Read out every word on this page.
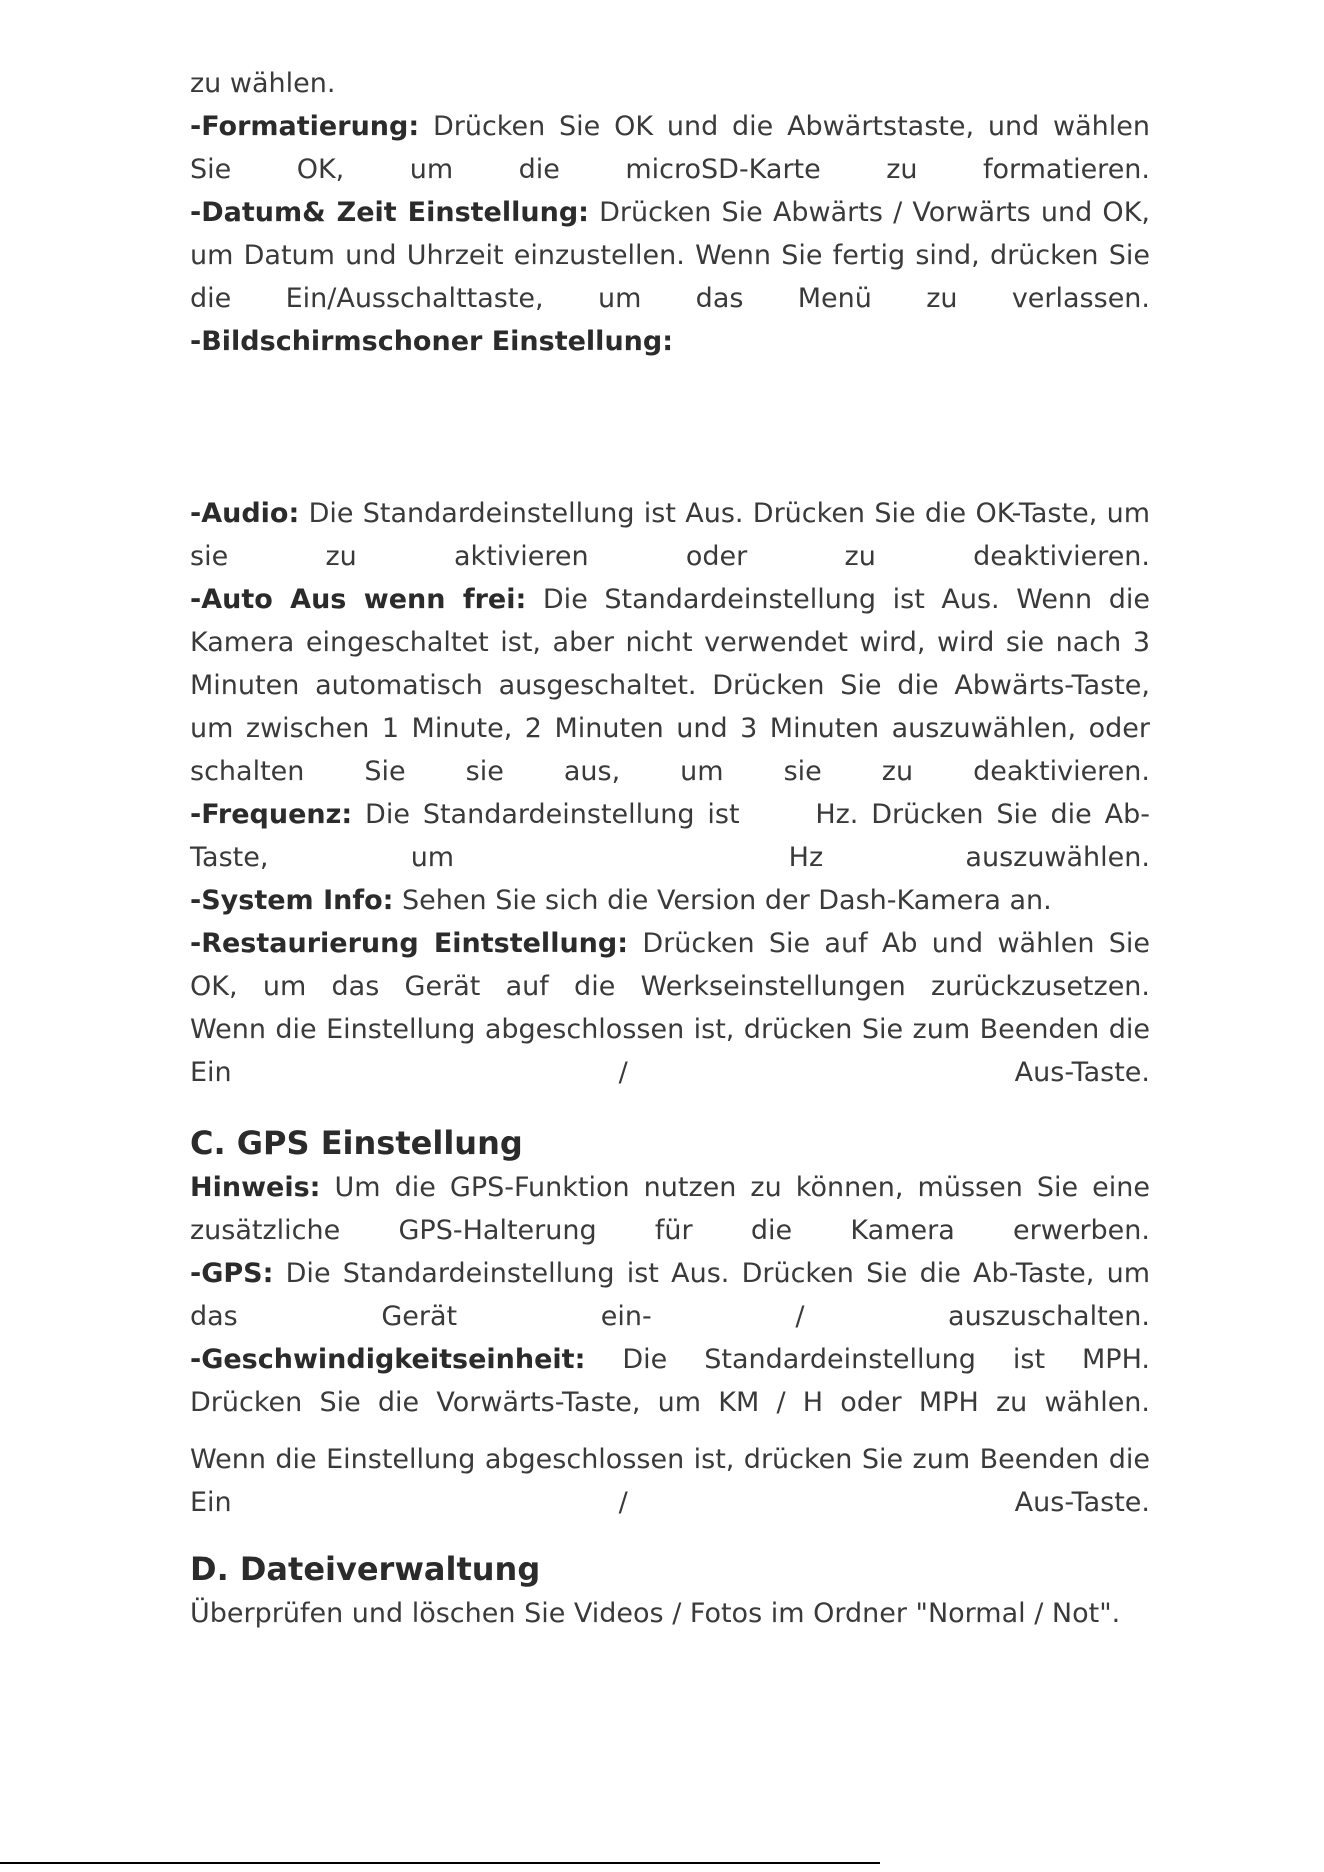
zu wählen.

-Formatierung: Drücken Sie OK und die Abwärtstaste, und wählen Sie OK, um die microSD-Karte zu formatieren.

-Datum& Zeit Einstellung: Drücken Sie Abwärts / Vorwärts und OK, um Datum und Uhrzeit einzustellen. Wenn Sie fertig sind, drücken Sie die Ein/Ausschalttaste, um das Menü zu verlassen.

-Bildschirmschoner Einstellung:

-Audio: Die Standardeinstellung ist Aus. Drücken Sie die OK-Taste, um sie zu aktivieren oder zu deaktivieren.

-Auto Aus wenn frei: Die Standardeinstellung ist Aus. Wenn die Kamera eingeschaltet ist, aber nicht verwendet wird, wird sie nach 3 Minuten automatisch ausgeschaltet. Drücken Sie die Abwärts-Taste, um zwischen 1 Minute, 2 Minuten und 3 Minuten auszuwählen, oder schalten Sie sie aus, um sie zu deaktivieren.

-Frequenz: Die Standardeinstellung ist	Hz. Drücken Sie die Ab-Taste, um	Hz auszuwählen.

-System Info: Sehen Sie sich die Version der Dash-Kamera an.

-Restaurierung Eintstellung: Drücken Sie auf Ab und wählen Sie OK, um das Gerät auf die Werkseinstellungen zurückzusetzen.

Wenn die Einstellung abgeschlossen ist, drücken Sie zum Beenden die Ein / Aus-Taste.

C. GPS Einstellung

Hinweis: Um die GPS-Funktion nutzen zu können, müssen Sie eine zusätzliche GPS-Halterung für die Kamera erwerben.

-GPS: Die Standardeinstellung ist Aus. Drücken Sie die Ab-Taste, um das Gerät ein- / auszuschalten.

-Geschwindigkeitseinheit: Die Standardeinstellung ist MPH. Drücken Sie die Vorwärts-Taste, um KM / H oder MPH zu wählen.

Wenn die Einstellung abgeschlossen ist, drücken Sie zum Beenden die Ein / Aus-Taste.

D. Dateiverwaltung

Überprüfen und löschen Sie Videos / Fotos im Ordner "Normal / Not".
